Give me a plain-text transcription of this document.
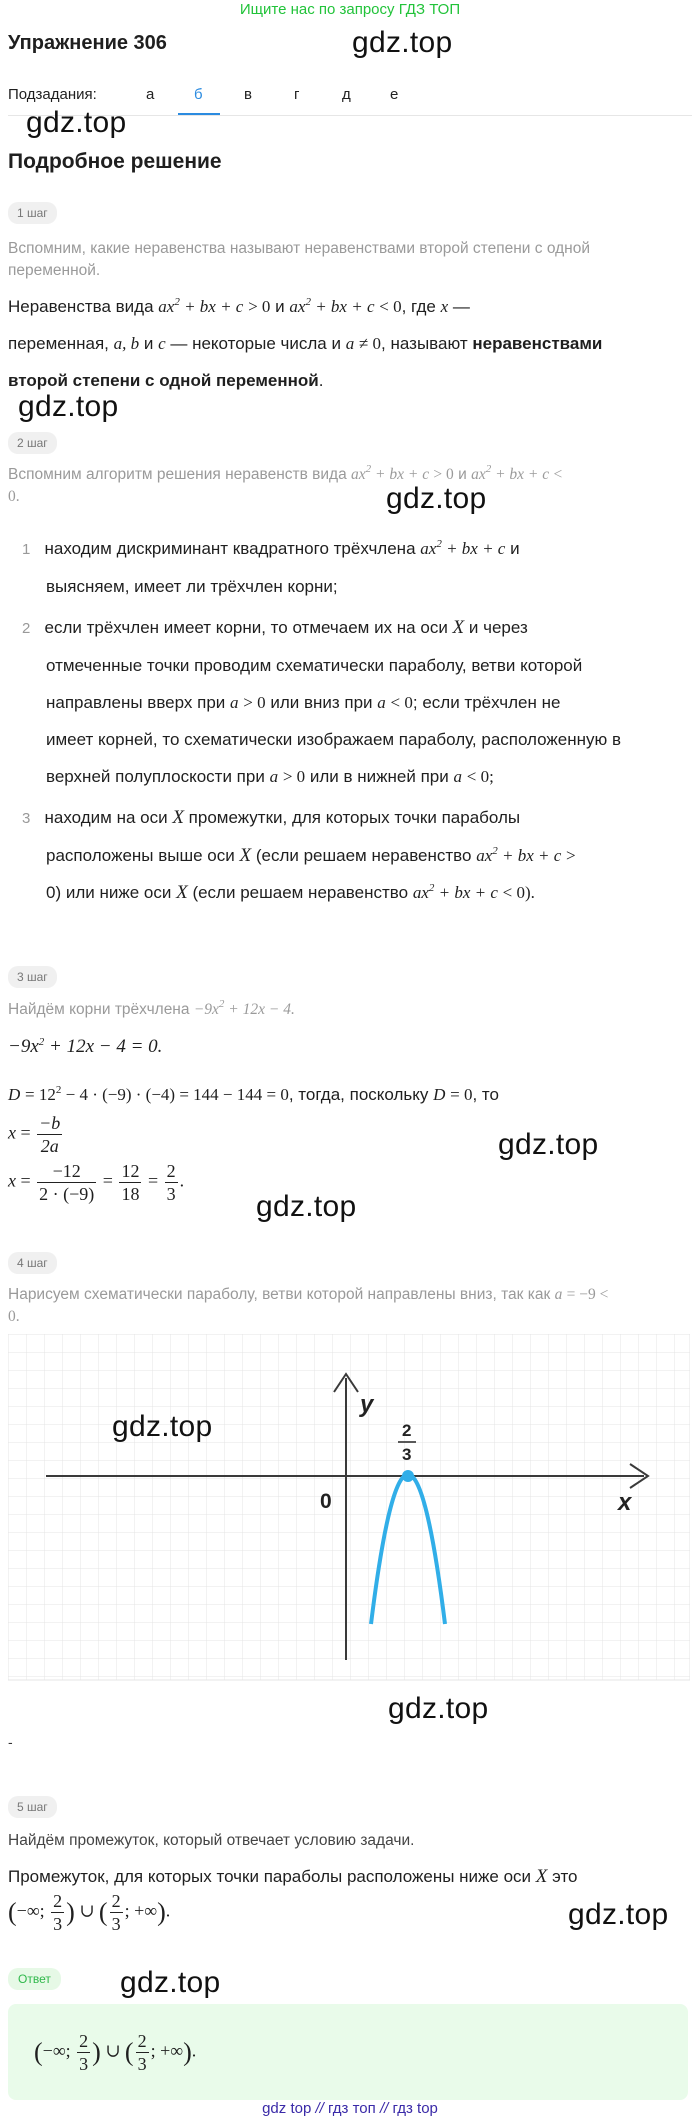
Ищите нас по запросу ГДЗ ТОП
Упражнение 306	gdz.top
Подзадания:	а	б	в	г	д	е
gdz.top
Подробное решение
1 шаг
Вспомним, какие неравенства называют неравенствами второй степени с одной переменной.
Неравенства вида $ax^2$ + bx + c > 0 и $ax^2$ + bx + c < 0, где x —
переменная, a, b и c — некоторые числа и a ≠ 0, называют неравенствами
второй степени с одной переменной.
gdz.top
2 шаг
Вспомним алгоритм решения неравенств вида $ax^2$ + bx + c > 0 и $ax^2$ + bx + c <
0.	gdz.top
1 находим дискриминант квадратного трёхчлена $ax^2$ + bx + c и
выясняем, имеет ли трёхчлен корни;
2 если трёхчлен имеет корни, то отмечаем их на оси X и через
отмеченные точки проводим схематически параболу, ветви которой
направлены вверх при a > 0 или вниз при a < 0; если трёхчлен не
имеет корней, то схематически изображаем параболу, расположенную в
верхней полуплоскости при a > 0 или в нижней при a < 0;
3 находим на оси X промежутки, для которых точки параболы
расположены выше оси X (если решаем неравенство $ax^2$ + bx + c >
0) или ниже оси X (если решаем неравенство $ax^2$ + bx + c < 0).
3 шаг
Найдём корни трёхчлена $-9x^2 + 12x - 4$.
$-9x^2 + 12x - 4 = 0$.
$D = 12^2 - 4 \cdot (-9) \cdot (-4) = 144 - 144 = 0$, тогда, поскольку D = 0, то
$x = \frac{-b}{2a}$
$x = \frac{-12}{2 \cdot (-9)} = \frac{12}{18} = \frac{2}{3}$ .
gdz.top
gdz.top
4 шаг
Нарисуем схематически параболу, ветви которой направлены вниз, так как a = −9 <
0.
y
x
0
2
3
gdz.top
gdz.top
-
5 шаг
Найдём промежуток, который отвечает условию задачи.
Промежуток, для которых точки параболы расположены ниже оси X это
(−∞; $\frac{2}{3}$ ) ∪ ( $\frac{2}{3}$ ; +∞).	gdz.top
Ответ	gdz.top
(−∞; $\frac{2}{3}$ ) ∪ ( $\frac{2}{3}$ ; +∞).
gdz top // гдз топ // гдз top
